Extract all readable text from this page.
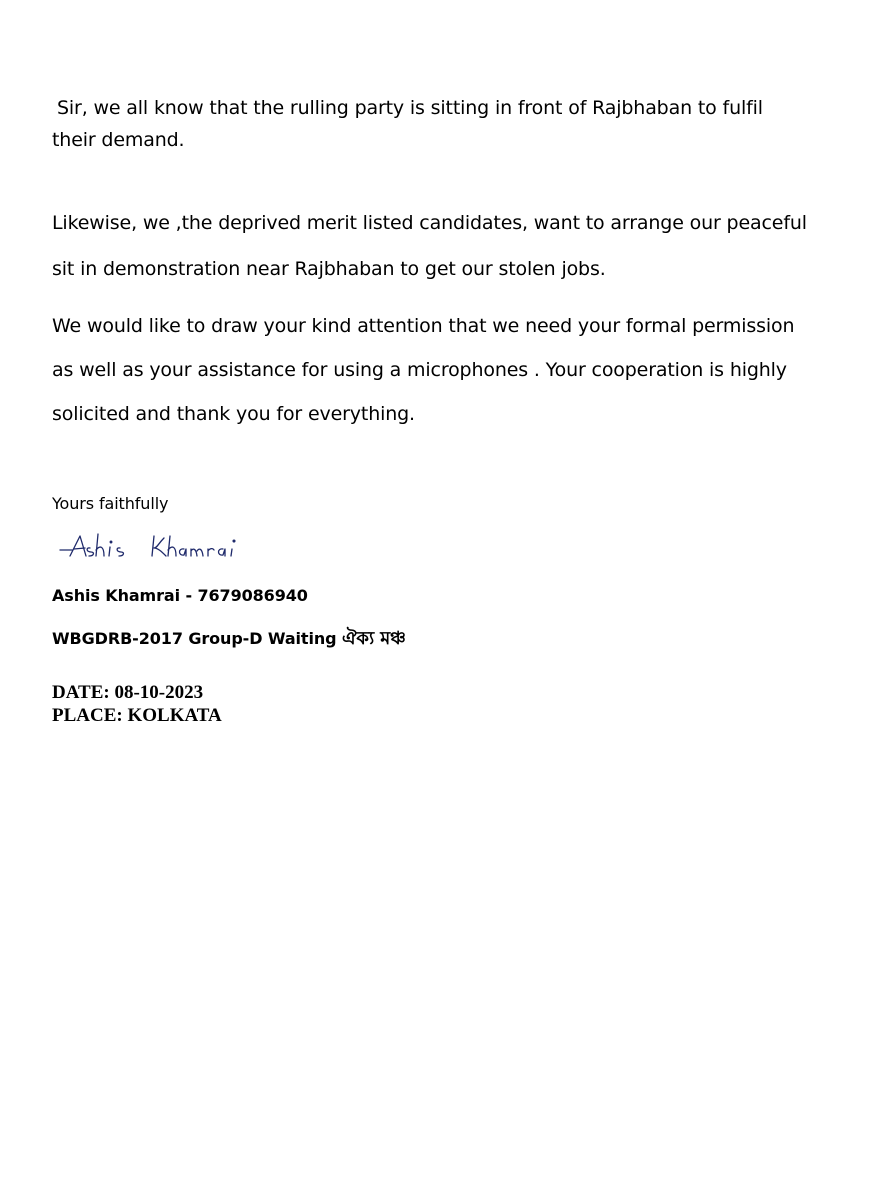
Sir, we all know that the rulling party is sitting in front of Rajbhaban to fulfil
their demand.

Likewise, we ,the deprived merit listed candidates, want to arrange our peaceful
sit in demonstration near Rajbhaban to get our stolen jobs.

We would like to draw your kind attention that we need your formal permission
as well as your assistance for using a microphones . Your cooperation is highly
solicited and thank you for everything.

Yours faithfully

Ashis Khamrai - 7679086940

WBGDRB-2017 Group-D Waiting ঐক্য মঞ্চ

DATE: 08-10-2023
PLACE: KOLKATA
